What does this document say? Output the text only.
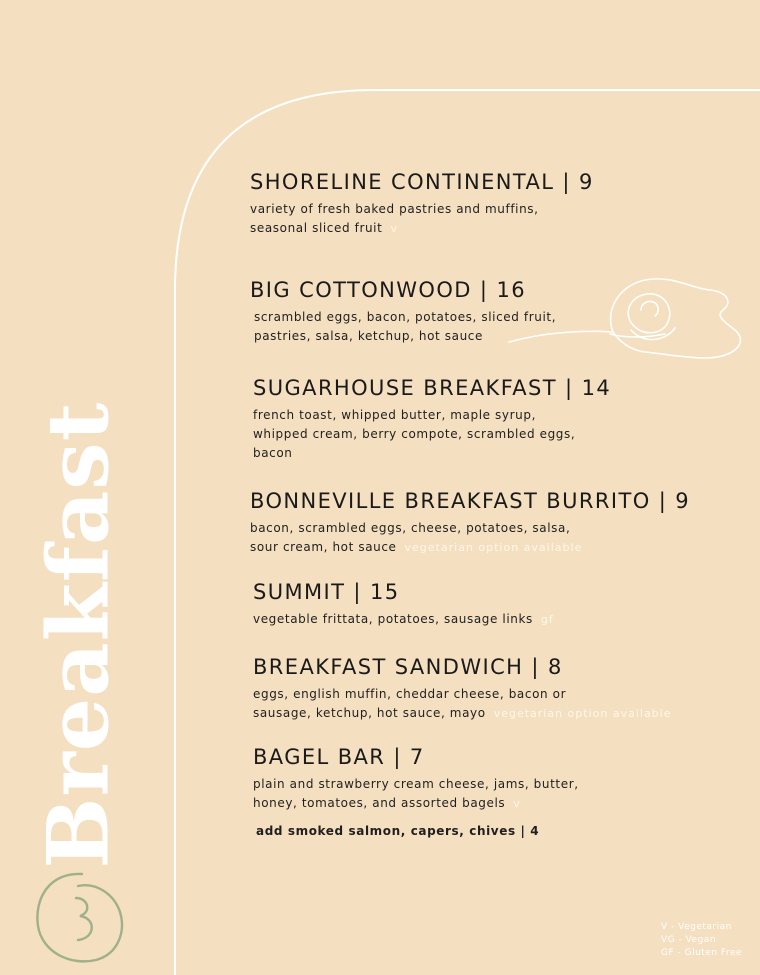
Breakfast
SHORELINE CONTINENTAL | 9

variety of fresh baked pastries and muffins,
seasonal sliced fruit v

BIG COTTONWOOD | 16

scrambled eggs, bacon, potatoes, sliced fruit,
pastries, salsa, ketchup, hot sauce

SUGARHOUSE BREAKFAST | 14

french toast, whipped butter, maple syrup,
whipped cream, berry compote, scrambled eggs,
bacon

BONNEVILLE BREAKFAST BURRITO | 9

bacon, scrambled eggs, cheese, potatoes, salsa,
sour cream, hot sauce vegetarian option available

SUMMIT | 15

vegetable frittata, potatoes, sausage links gf

BREAKFAST SANDWICH | 8

eggs, english muffin, cheddar cheese, bacon or
sausage, ketchup, hot sauce, mayo vegetarian option available

BAGEL BAR | 7

plain and strawberry cream cheese, jams, butter,
honey, tomatoes, and assorted bagels v

add smoked salmon, capers, chives | 4
V - Vegetarian
VG - Vegan
GF - Gluten Free
